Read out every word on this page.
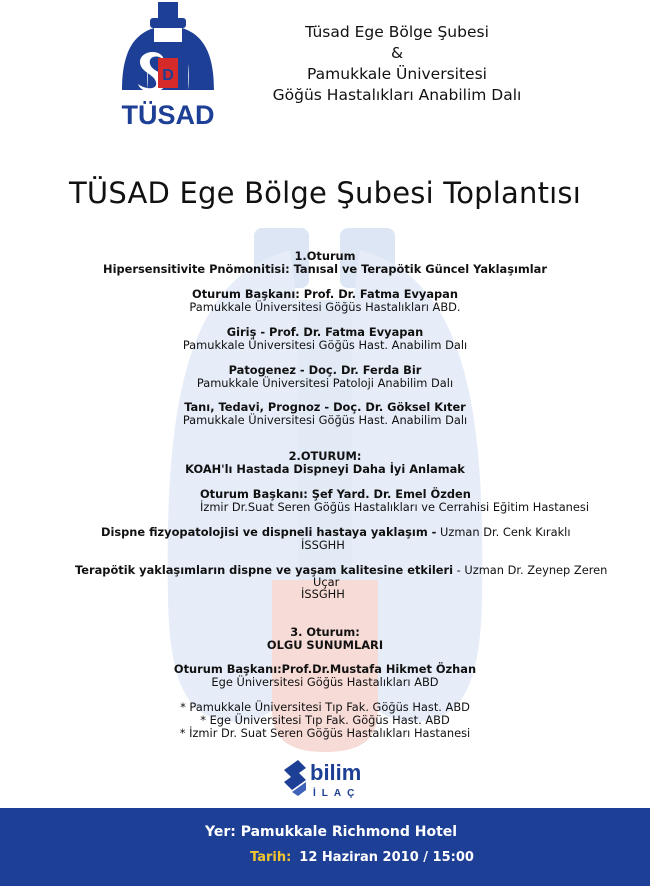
D
TÜSAD
Tüsad Ege Bölge Şubesi
&
Pamukkale Üniversitesi
Göğüs Hastalıkları Anabilim Dalı
TÜSAD Ege Bölge Şubesi Toplantısı
1.Oturum
Hipersensitivite Pnömonitisi: Tanısal ve Terapötik Güncel Yaklaşımlar
Oturum Başkanı: Prof. Dr. Fatma Evyapan
Pamukkale Üniversitesi Göğüs Hastalıkları ABD.
Giriş - Prof. Dr. Fatma Evyapan
Pamukkale Üniversitesi Göğüs Hast. Anabilim Dalı
Patogenez - Doç. Dr. Ferda Bir
Pamukkale Üniversitesi Patoloji Anabilim Dalı
Tanı, Tedavi, Prognoz - Doç. Dr. Göksel Kıter
Pamukkale Üniversitesi Göğüs Hast. Anabilim Dalı
2.OTURUM:
KOAH'lı Hastada Dispneyi Daha İyi Anlamak
Oturum Başkanı: Şef Yard. Dr. Emel Özden
İzmir Dr.Suat Seren Göğüs Hastalıkları ve Cerrahisi Eğitim Hastanesi
Dispne fizyopatolojisi ve dispneli hastaya yaklaşım - Uzman Dr. Cenk Kıraklı
İSSGHH
Terapötik yaklaşımların dispne ve yaşam kalitesine etkileri - Uzman Dr. Zeynep Zeren
Uçar
İSSGHH
3. Oturum:
OLGU SUNUMLARI
Oturum Başkanı:Prof.Dr.Mustafa Hikmet Özhan
Ege Üniversitesi Göğüs Hastalıkları ABD
* Pamukkale Üniversitesi Tıp Fak. Göğüs Hast. ABD
* Ege Üniversitesi Tıp Fak. Göğüs Hast. ABD
* İzmir Dr. Suat Seren Göğüs Hastalıkları Hastanesi
bilim
İLAÇ
Yer: Pamukkale Richmond Hotel
Tarih: 12 Haziran 2010 / 15:00
